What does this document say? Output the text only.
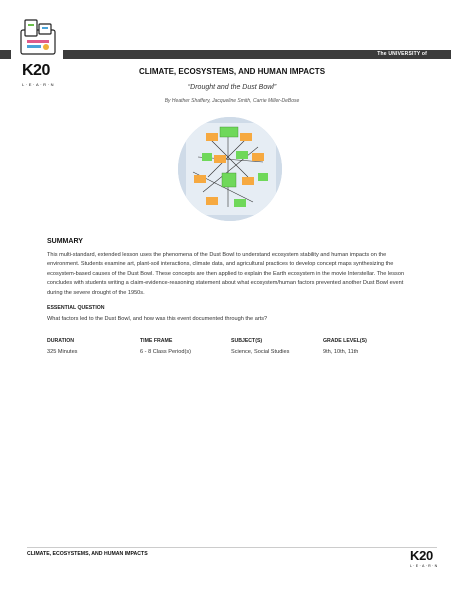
The UNIVERSITY of
K20
L·E·A·R·N
CLIMATE, ECOSYSTEMS, AND HUMAN IMPACTS
“Drought and the Dust Bowl”
By Heather Shaffery, Jacqueline Smith, Carrie Miller-DeBose
SUMMARY

This multi-standard, extended lesson uses the phenomena of the Dust Bowl to understand ecosystem stability and human impacts on the environment. Students examine art, plant-soil interactions, climate data, and agricultural practices to develop concept maps synthesizing the ecosystem-based causes of the Dust Bowl. These concepts are then applied to explain the Earth ecosystem in the movie Interstellar. The lesson concludes with students writing a claim-evidence-reasoning statement about what ecosystem/human factors prevented another Dust Bowl event during the severe drought of the 1950s.

ESSENTIAL QUESTION
What factors led to the Dust Bowl, and how was this event documented through the arts?
DURATION
325 Minutes
TIME FRAME
6 - 8 Class Period(s)
SUBJECT(S)
Science, Social Studies
GRADE LEVEL(S)
9th, 10th, 11th
CLIMATE, ECOSYSTEMS, AND HUMAN IMPACTS	K20
L·E·A·R·N
